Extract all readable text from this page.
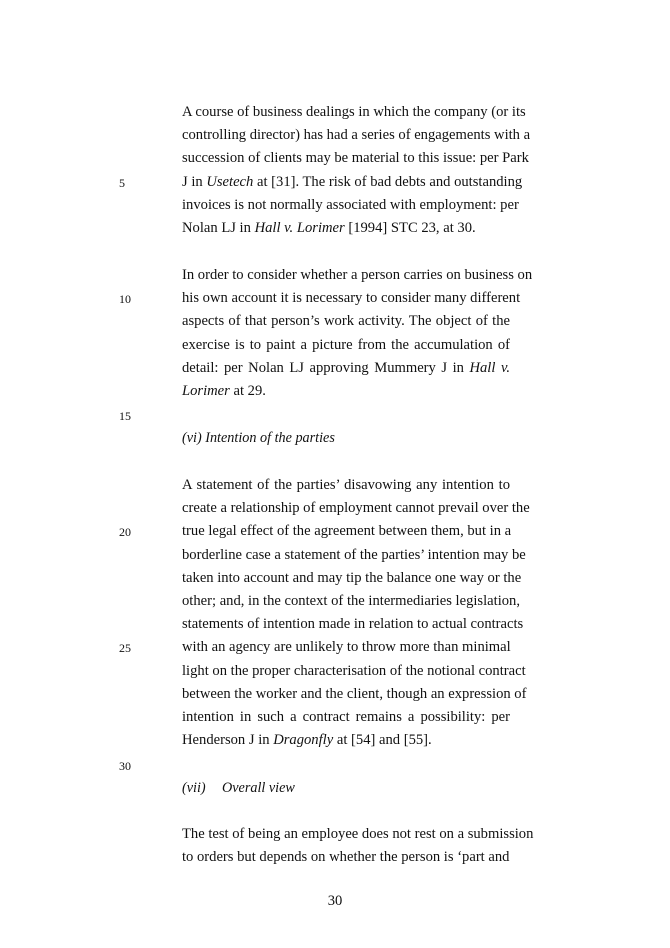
5
10
15
20
25
30
(vi) Intention of the parties
(vii) Overall view
30
A course of business dealings in which the company (or its
controlling director) has had a series of engagements with a
succession of clients may be material to this issue: per Park
J in Usetech at [31]. The risk of bad debts and outstanding
invoices is not normally associated with employment: per
Nolan LJ in Hall v. Lorimer [1994] STC 23, at 30.
In order to consider whether a person carries on business on
his own account it is necessary to consider many different
aspects of that person’s work activity. The object of the
exercise is to paint a picture from the accumulation of
detail: per Nolan LJ approving Mummery J in Hall v.
Lorimer at 29.
A statement of the parties’ disavowing any intention to
create a relationship of employment cannot prevail over the
true legal effect of the agreement between them, but in a
borderline case a statement of the parties’ intention may be
taken into account and may tip the balance one way or the
other; and, in the context of the intermediaries legislation,
statements of intention made in relation to actual contracts
with an agency are unlikely to throw more than minimal
light on the proper characterisation of the notional contract
between the worker and the client, though an expression of
intention in such a contract remains a possibility: per
Henderson J in Dragonfly at [54] and [55].
The test of being an employee does not rest on a submission
to orders but depends on whether the person is ‘part and
